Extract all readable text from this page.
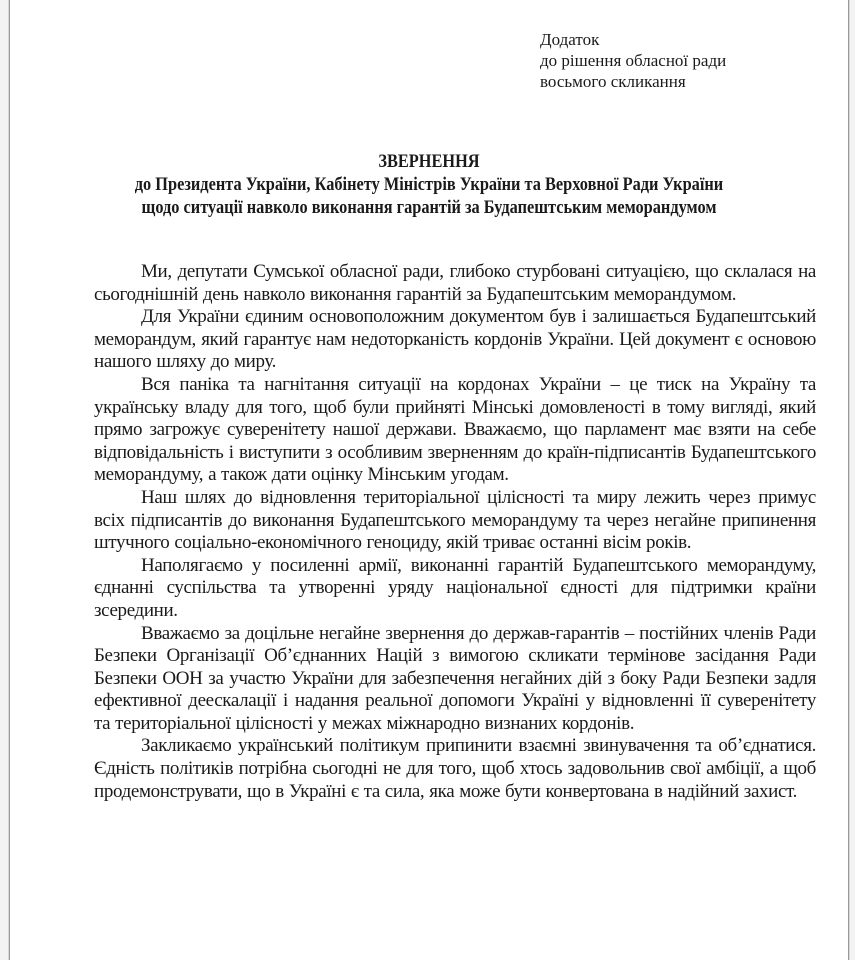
Додаток
до рішення обласної ради
восьмого скликання
ЗВЕРНЕННЯ
до Президента України, Кабінету Міністрів України та Верховної Ради України
щодо ситуації навколо виконання гарантій за Будапештським меморандумом

Ми, депутати Сумської обласної ради, глибоко стурбовані ситуацією, що склалася на сьогоднішній день навколо виконання гарантій за Будапештським меморандумом.

Для України єдиним основоположним документом був і залишається Будапештський меморандум, який гарантує нам недоторканість кордонів України. Цей документ є основою нашого шляху до миру.

Вся паніка та нагнітання ситуації на кордонах України – це тиск на Україну та українську владу для того, щоб були прийняті Мінські домовленості в тому вигляді, який прямо загрожує суверенітету нашої держави. Вважаємо, що парламент має взяти на себе відповідальність і виступити з особливим зверненням до країн-підписантів Будапештського меморандуму, а також дати оцінку Мінським угодам.

Наш шлях до відновлення територіальної цілісності та миру лежить через примус всіх підписантів до виконання Будапештського меморандуму та через негайне припинення штучного соціально-економічного геноциду, якій триває останні вісім років.

Наполягаємо у посиленні армії, виконанні гарантій Будапештського меморандуму, єднанні суспільства та утворенні уряду національної єдності для підтримки країни зсередини.

Вважаємо за доцільне негайне звернення до держав-гарантів – постійних членів Ради Безпеки Організації Об’єднанних Націй з вимогою скликати термінове засідання Ради Безпеки ООН за участю України для забезпечення негайних дій з боку Ради Безпеки задля ефективної деескалації і надання реальної допомоги Україні у відновленні її суверенітету та територіальної цілісності у межах міжнародно визнаних кордонів.

Закликаємо український політикум припинити взаємні звинувачення та об’єднатися. Єдність політиків потрібна сьогодні не для того, щоб хтось задовольнив свої амбіції, а щоб продемонструвати, що в Україні є та сила, яка може бути конвертована в надійний захист.
